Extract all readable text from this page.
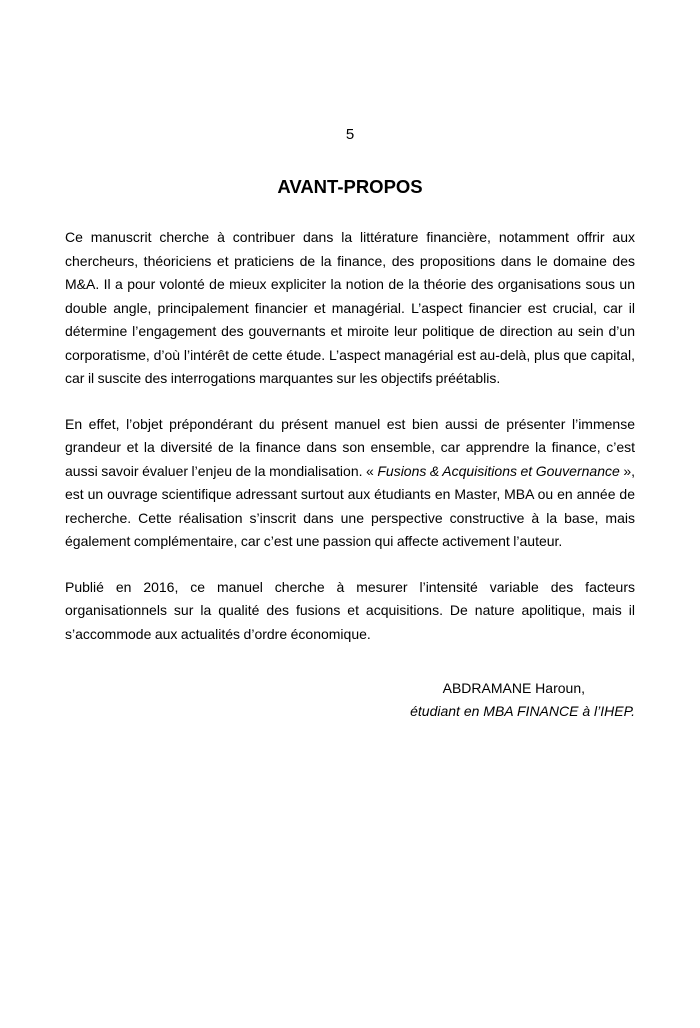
5
AVANT-PROPOS

Ce manuscrit cherche à contribuer dans la littérature financière, notamment offrir aux chercheurs, théoriciens et praticiens de la finance, des propositions dans le domaine des M&A. Il a pour volonté de mieux expliciter la notion de la théorie des organisations sous un double angle, principalement financier et managérial. L’aspect financier est crucial, car il détermine l’engagement des gouvernants et miroite leur politique de direction au sein d’un corporatisme, d’où l’intérêt de cette étude. L’aspect managérial est au-delà, plus que capital, car il suscite des interrogations marquantes sur les objectifs préétablis.

En effet, l’objet prépondérant du présent manuel est bien aussi de présenter l’immense grandeur et la diversité de la finance dans son ensemble, car apprendre la finance, c’est aussi savoir évaluer l’enjeu de la mondialisation. « Fusions & Acquisitions et Gouvernance », est un ouvrage scientifique adressant surtout aux étudiants en Master, MBA ou en année de recherche. Cette réalisation s’inscrit dans une perspective constructive à la base, mais également complémentaire, car c’est une passion qui affecte activement l’auteur.

Publié en 2016, ce manuel cherche à mesurer l’intensité variable des facteurs organisationnels sur la qualité des fusions et acquisitions. De nature apolitique, mais il s’accommode aux actualités d’ordre économique.

ABDRAMANE Haroun,
étudiant en MBA FINANCE à l’IHEP.
